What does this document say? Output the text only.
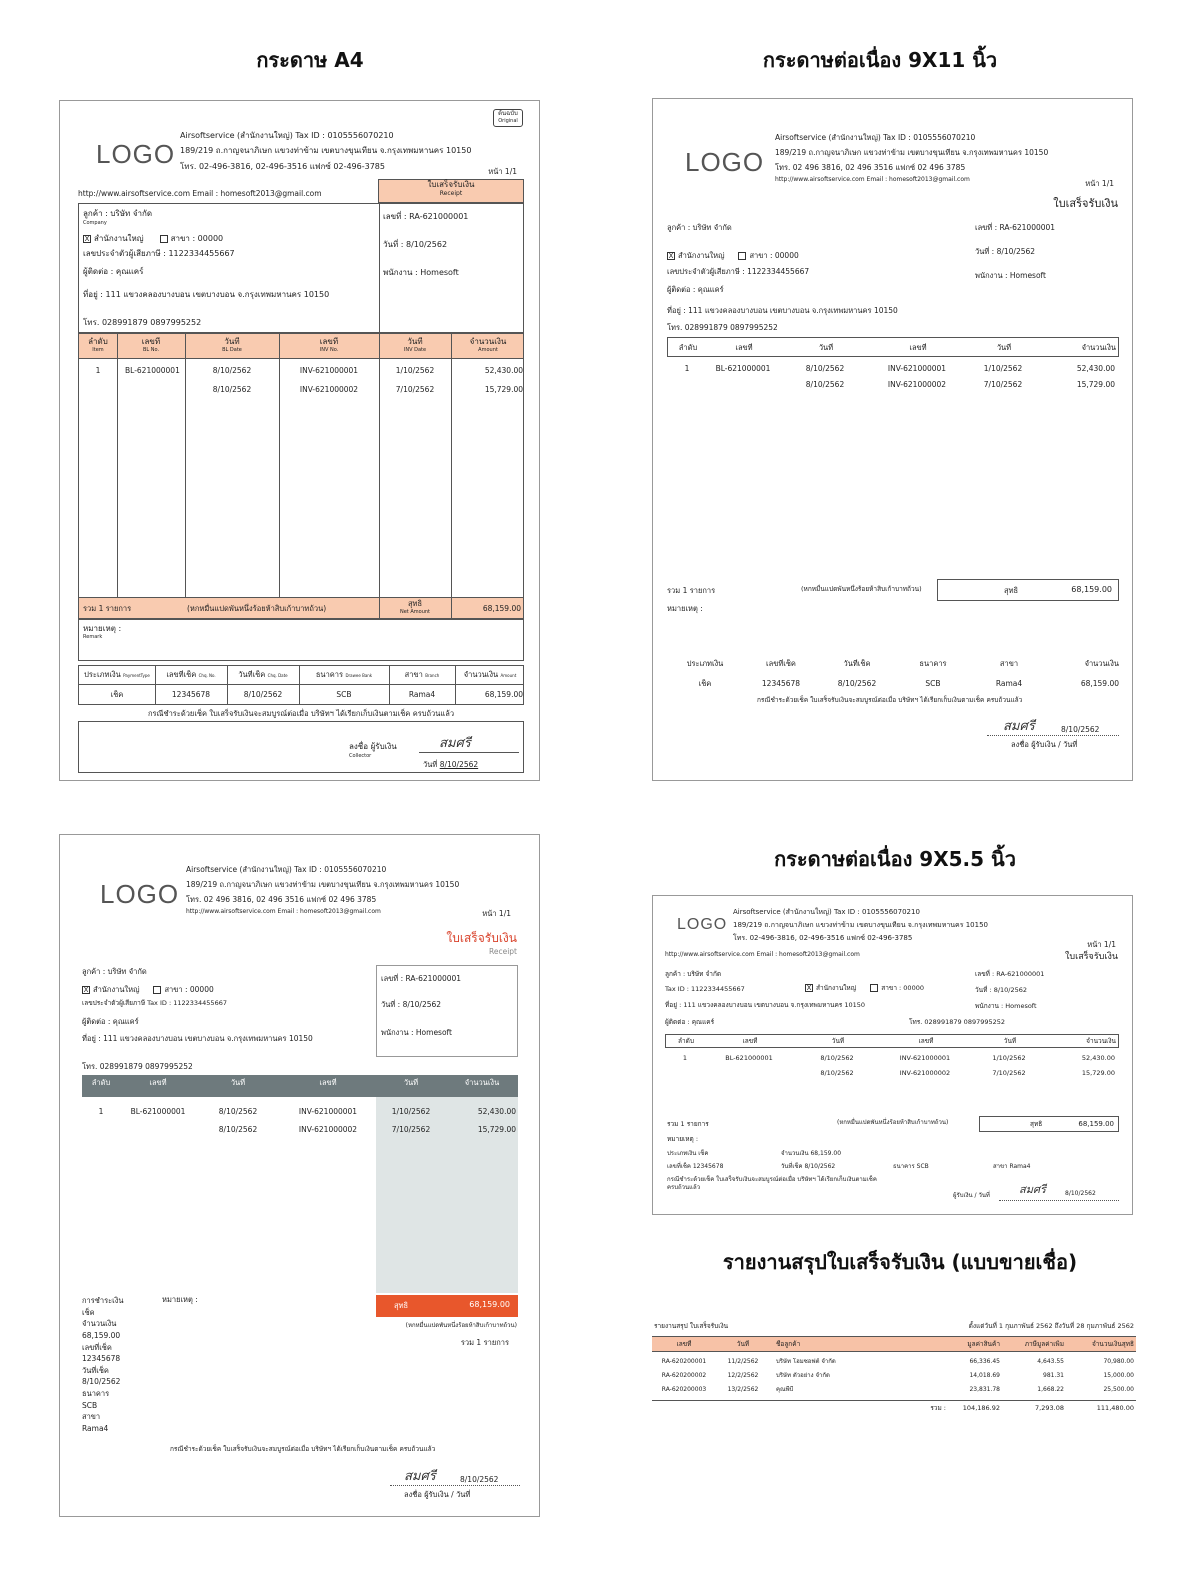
กระดาษ A4	กระดาษต่อเนื่อง 9X11 นิ้ว
กระดาษต่อเนื่อง 9X5.5 นิ้ว
รายงานสรุปใบเสร็จรับเงิน (แบบขายเชื่อ)
LOGO
Airsoftservice (สำนักงานใหญ่) Tax ID : 0105556070210
189/219 ถ.กาญจนาภิเษก แขวงท่าข้าม เขตบางขุนเทียน จ.กรุงเทพมหานคร 10150
โทร. 02-496-3816, 02-496-3516 แฟกซ์ 02-496-3785
ต้นฉบับ
Original
หน้า 1/1
http://www.airsoftservice.com Email : homesoft2013@gmail.com
ใบเสร็จรับเงิน
Receipt
ลูกค้า : บริษัท จำกัด
Company
X สำนักงานใหญ่	สาขา : 00000
เลขประจำตัวผู้เสียภาษี : 1122334455667
ผู้ติดต่อ : คุณแคร์
ที่อยู่ : 111 แขวงคลองบางบอน เขตบางบอน จ.กรุงเทพมหานคร 10150
โทร. 028991879 0897995252
เลขที่ : RA-621000001
วันที่ : 8/10/2562
พนักงาน : Homesoft
ลำดับ	เลขที่	วันที่	เลขที่	วันที่	จำนวนเงิน
Item	BL No.	BL Date	INV No.	INV Date	Amount
1	BL-621000001	8/10/2562	INV-621000001	1/10/2562	52,430.00
8/10/2562	INV-621000002	7/10/2562	15,729.00
รวม 1 รายการ	(หกหมื่นแปดพันหนึ่งร้อยห้าสิบเก้าบาทถ้วน)
สุทธิ
Net Amount	68,159.00
หมายเหตุ :
Remark
ประเภทเงิน PaymentType	เลขที่เช็ค Chq. No.	วันที่เช็ค Chq. Date	ธนาคาร Drawee Bank	สาขา Branch	จำนวนเงิน Amount
เช็ค	12345678	8/10/2562	SCB	Rama4	68,159.00
กรณีชำระด้วยเช็ค ใบเสร็จรับเงินจะสมบูรณ์ต่อเมื่อ บริษัทฯ ได้เรียกเก็บเงินตามเช็ค ครบถ้วนแล้ว
ลงชื่อ ผู้รับเงิน
Collector
สมศรี
วันที่ 8/10/2562
LOGO
Airsoftservice (สำนักงานใหญ่) Tax ID : 0105556070210
189/219 ถ.กาญจนาภิเษก แขวงท่าข้าม เขตบางขุนเทียน จ.กรุงเทพมหานคร 10150
โทร. 02 496 3816, 02 496 3516 แฟกซ์ 02 496 3785
http://www.airsoftservice.com Email : homesoft2013@gmail.com	หน้า 1/1
ใบเสร็จรับเงิน
ลูกค้า : บริษัท จำกัด
X สำนักงานใหญ่	สาขา : 00000
เลขประจำตัวผู้เสียภาษี : 1122334455667
ผู้ติดต่อ : คุณแคร์
ที่อยู่ : 111 แขวงคลองบางบอน เขตบางบอน จ.กรุงเทพมหานคร 10150
โทร. 028991879 0897995252
เลขที่ : RA-621000001
วันที่ : 8/10/2562
พนักงาน : Homesoft
ลำดับ	เลขที่	วันที่	เลขที่	วันที่	จำนวนเงิน
1	BL-621000001	8/10/2562	INV-621000001	1/10/2562	52,430.00
8/10/2562	INV-621000002	7/10/2562	15,729.00
รวม 1 รายการ	(หกหมื่นแปดพันหนึ่งร้อยห้าสิบเก้าบาทถ้วน)	สุทธิ	68,159.00
หมายเหตุ :
ประเภทเงิน	เลขที่เช็ค	วันที่เช็ค	ธนาคาร	สาขา	จำนวนเงิน
เช็ค	12345678	8/10/2562	SCB	Rama4	68,159.00
กรณีชำระด้วยเช็ค ใบเสร็จรับเงินจะสมบูรณ์ต่อเมื่อ บริษัทฯ ได้เรียกเก็บเงินตามเช็ค ครบถ้วนแล้ว
สมศรี	8/10/2562
ลงชื่อ ผู้รับเงิน / วันที่
LOGO
Airsoftservice (สำนักงานใหญ่) Tax ID : 0105556070210
189/219 ถ.กาญจนาภิเษก แขวงท่าข้าม เขตบางขุนเทียน จ.กรุงเทพมหานคร 10150
โทร. 02 496 3816, 02 496 3516 แฟกซ์ 02 496 3785
http://www.airsoftservice.com Email : homesoft2013@gmail.com	หน้า 1/1
ใบเสร็จรับเงิน
Receipt
ลูกค้า : บริษัท จำกัด
X สำนักงานใหญ่	สาขา : 00000
เลขประจำตัวผู้เสียภาษี Tax ID : 1122334455667
ผู้ติดต่อ : คุณแคร์
ที่อยู่ : 111 แขวงคลองบางบอน เขตบางบอน จ.กรุงเทพมหานคร 10150
โทร. 028991879 0897995252
เลขที่ : RA-621000001
วันที่ : 8/10/2562
พนักงาน : Homesoft
ลำดับ	เลขที่	วันที่	เลขที่	วันที่	จำนวนเงิน
1	BL-621000001	8/10/2562	INV-621000001	1/10/2562	52,430.00
8/10/2562	INV-621000002	7/10/2562	15,729.00
สุทธิ	68,159.00
(หกหมื่นแปดพันหนึ่งร้อยห้าสิบเก้าบาทถ้วน)
รวม 1 รายการ
การชำระเงิน
เช็ค
จำนวนเงิน
68,159.00
เลขที่เช็ค
12345678
วันที่เช็ค
8/10/2562
ธนาคาร
SCB
สาขา
Rama4
หมายเหตุ :
กรณีชำระด้วยเช็ค ใบเสร็จรับเงินจะสมบูรณ์ต่อเมื่อ บริษัทฯ ได้เรียกเก็บเงินตามเช็ค ครบถ้วนแล้ว
สมศรี	8/10/2562
ลงชื่อ ผู้รับเงิน / วันที่
LOGO
Airsoftservice (สำนักงานใหญ่) Tax ID : 0105556070210
189/219 ถ.กาญจนาภิเษก แขวงท่าข้าม เขตบางขุนเทียน จ.กรุงเทพมหานคร 10150
โทร. 02-496-3816, 02-496-3516 แฟกซ์ 02-496-3785
http://www.airsoftservice.com Email : homesoft2013@gmail.com
หน้า 1/1
ใบเสร็จรับเงิน
ลูกค้า : บริษัท จำกัด
Tax ID : 1122334455667	X สำนักงานใหญ่	สาขา : 00000
ที่อยู่ : 111 แขวงคลองบางบอน เขตบางบอน จ.กรุงเทพมหานคร 10150
ผู้ติดต่อ : คุณแคร์	โทร. 028991879 0897995252
เลขที่ : RA-621000001
วันที่ : 8/10/2562
พนักงาน : Homesoft
ลำดับ	เลขที่	วันที่	เลขที่	วันที่	จำนวนเงิน
1	BL-621000001	8/10/2562	INV-621000001	1/10/2562	52,430.00
8/10/2562	INV-621000002	7/10/2562	15,729.00
รวม 1 รายการ	(หกหมื่นแปดพันหนึ่งร้อยห้าสิบเก้าบาทถ้วน)	สุทธิ	68,159.00
หมายเหตุ :
ประเภทเงิน เช็ค	จำนวนเงิน 68,159.00
เลขที่เช็ค 12345678	วันที่เช็ค 8/10/2562	ธนาคาร SCB	สาขา Rama4
กรณีชำระด้วยเช็ค ใบเสร็จรับเงินจะสมบูรณ์ต่อเมื่อ บริษัทฯ ได้เรียกเก็บเงินตามเช็ค ครบถ้วนแล้ว	สมศรี	8/10/2562
ผู้รับเงิน / วันที่
รายงานสรุป ใบเสร็จรับเงิน	ตั้งแต่วันที่ 1 กุมภาพันธ์ 2562 ถึงวันที่ 28 กุมภาพันธ์ 2562
เลขที่	วันที่	ชื่อลูกค้า	มูลค่าสินค้า	ภาษีมูลค่าเพิ่ม	จำนวนเงินสุทธิ
RA-620200001	11/2/2562	บริษัท โฮมซอฟต์ จำกัด	66,336.45	4,643.55	70,980.00
RA-620200002	12/2/2562	บริษัท ตัวอย่าง จำกัด	14,018.69	981.31	15,000.00
RA-620200003	13/2/2562	คุณพีบี	23,831.78	1,668.22	25,500.00
รวม :	104,186.92	7,293.08	111,480.00
